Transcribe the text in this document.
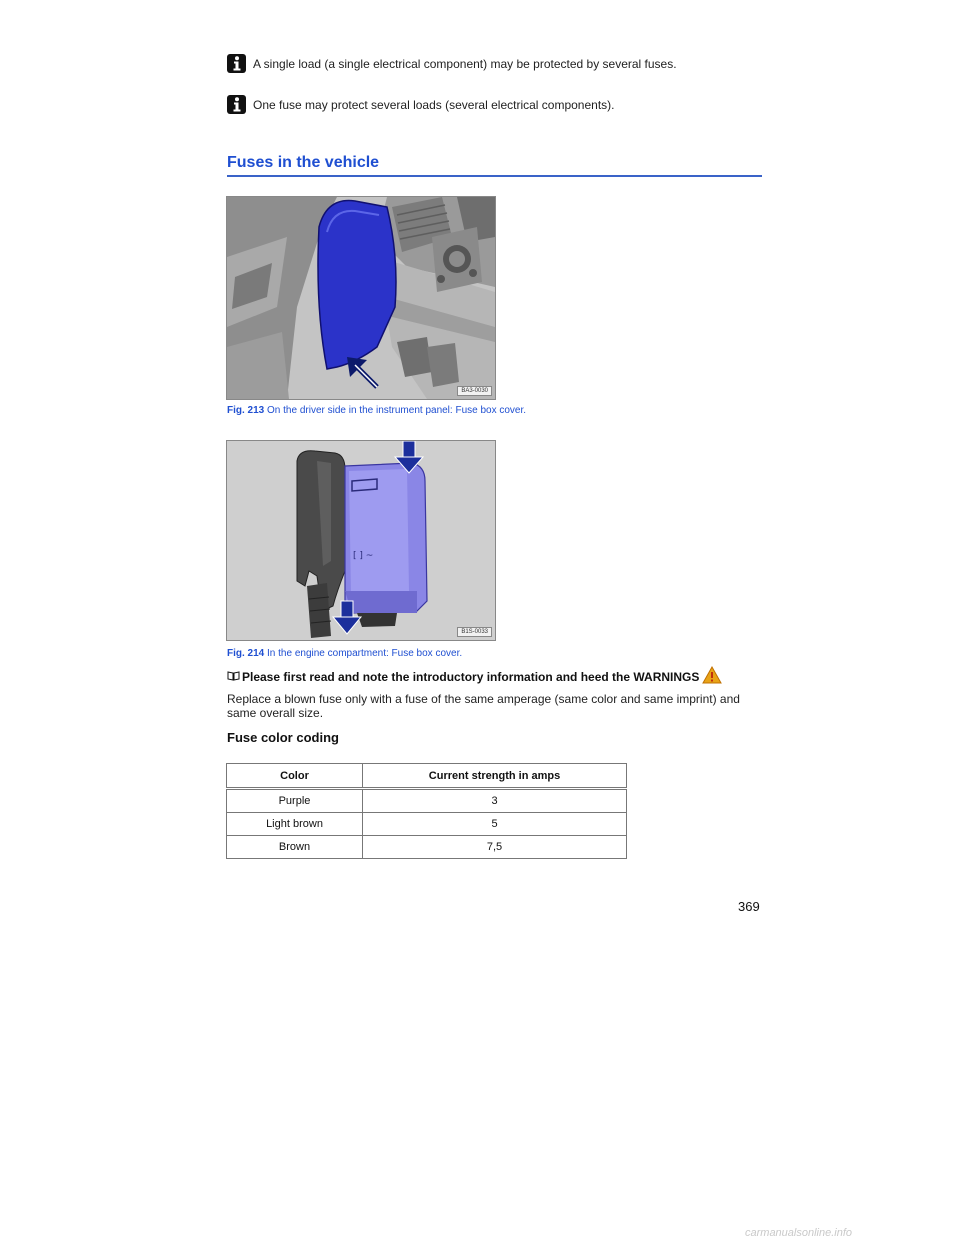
A single load (a single electrical component) may be protected by several fuses.
One fuse may protect several loads (several electrical components).
Fuses in the vehicle
BA3-0030
Fig. 213 On the driver side in the instrument panel: Fuse box cover.
[ ] ~
B1S-0033
Fig. 214 In the engine compartment: Fuse box cover.
Please first read and note the introductory information and heed the WARNINGS
Replace a blown fuse only with a fuse of the same amperage (same color and same imprint) and same overall size.
Fuse color coding
Color	Current strength in amps
Purple	3
Light brown	5
Brown	7,5
369
carmanualsonline.info
